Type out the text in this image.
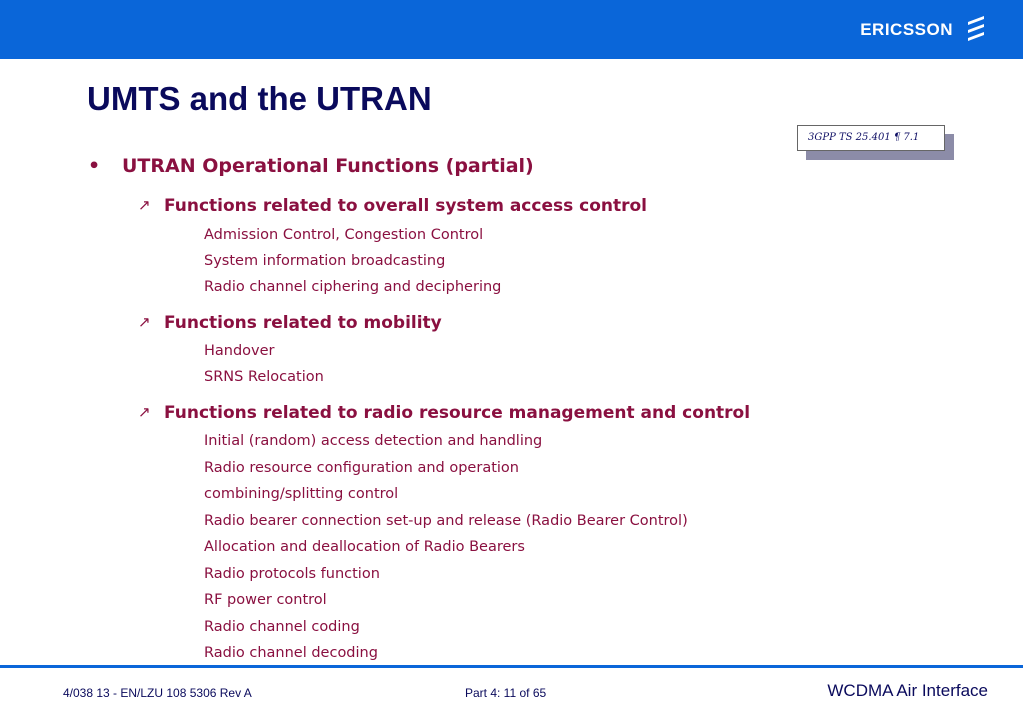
ERICSSON
UMTS and the UTRAN
3GPP TS 25.401 ¶ 7.1
• UTRAN Operational Functions (partial)
↗ Functions related to overall system access control
Admission Control, Congestion Control
System information broadcasting
Radio channel ciphering and deciphering
↗ Functions related to mobility
Handover
SRNS Relocation
↗ Functions related to radio resource management and control
Initial (random) access detection and handling
Radio resource configuration and operation
combining/splitting control
Radio bearer connection set-up and release (Radio Bearer Control)
Allocation and deallocation of Radio Bearers
Radio protocols function
RF power control
Radio channel coding
Radio channel decoding
4/038 13 - EN/LZU 108 5306 Rev A	Part 4: 11 of 65	WCDMA Air Interface
